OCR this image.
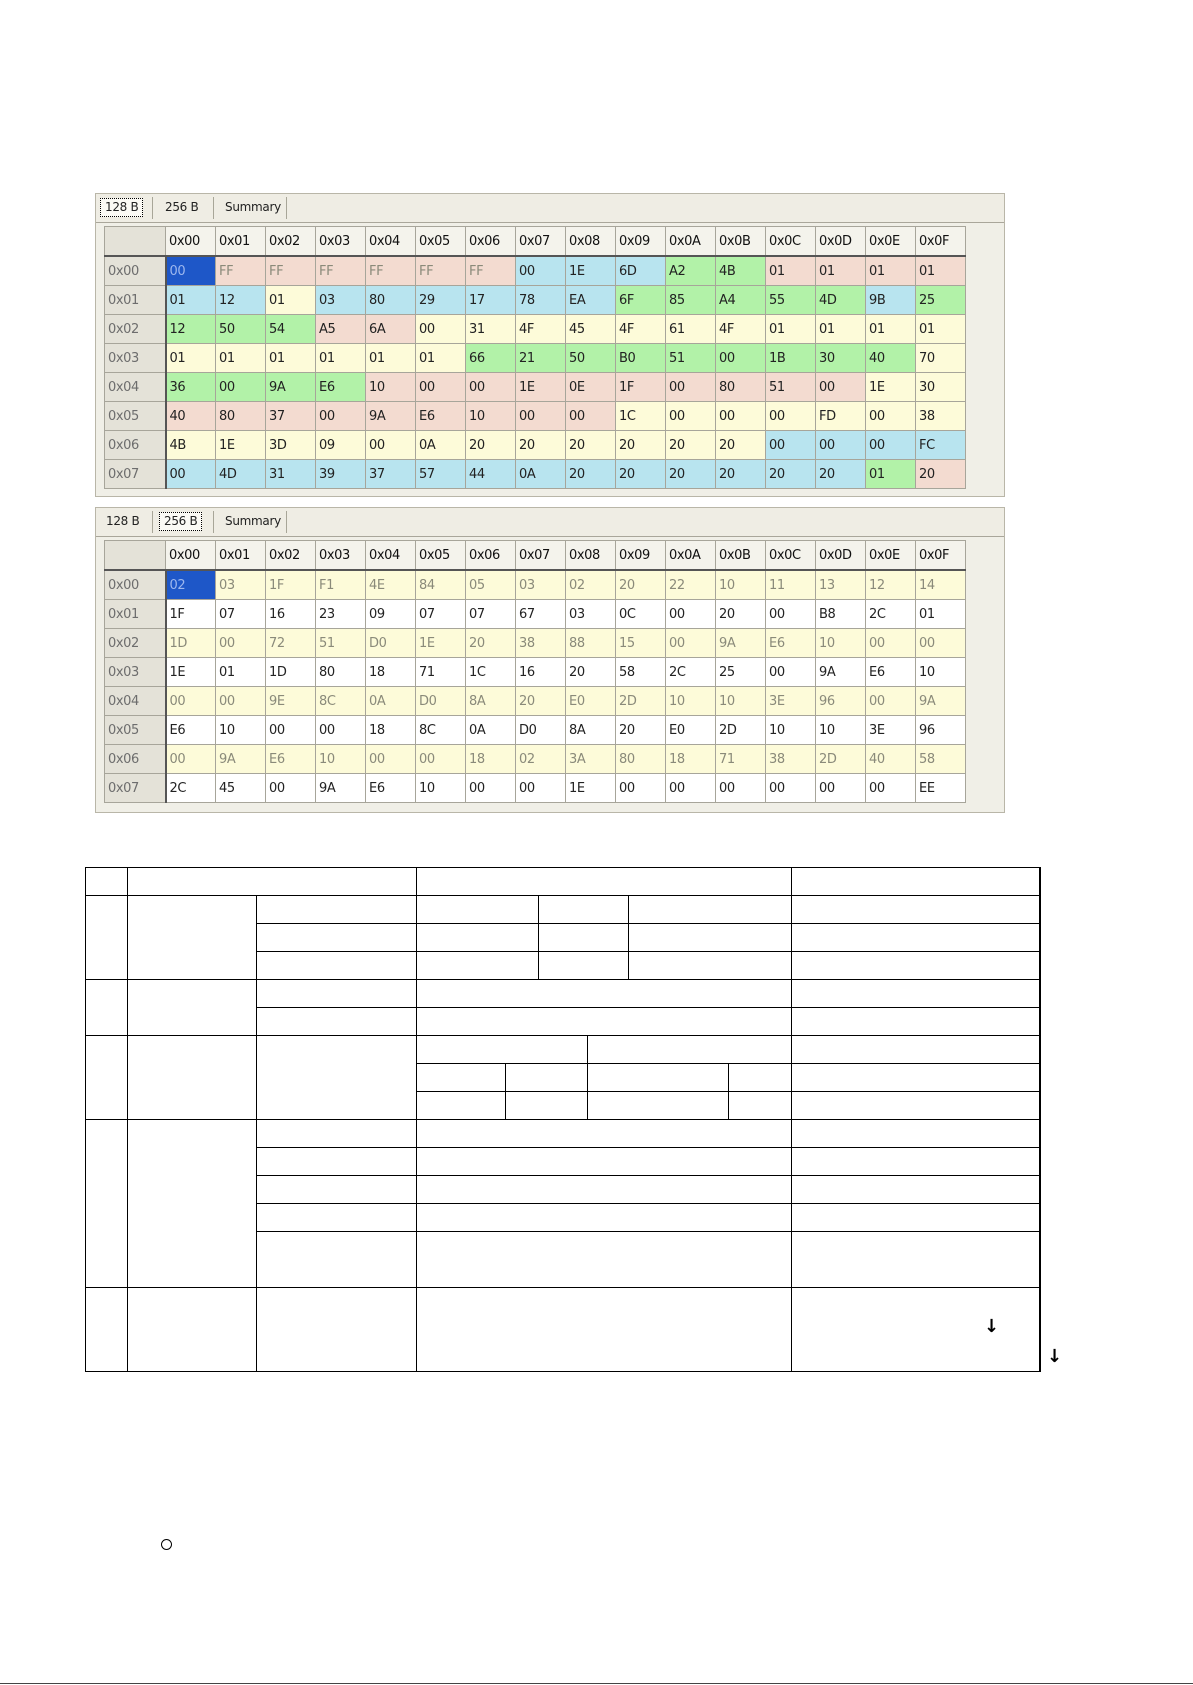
128 B	256 B	Summary
	0x00	0x01	0x02	0x03	0x04	0x05	0x06	0x07	0x08	0x09	0x0A	0x0B	0x0C	0x0D	0x0E	0x0F
0x00	00	FF	FF	FF	FF	FF	FF	00	1E	6D	A2	4B	01	01	01	01
0x01	01	12	01	03	80	29	17	78	EA	6F	85	A4	55	4D	9B	25
0x02	12	50	54	A5	6A	00	31	4F	45	4F	61	4F	01	01	01	01
0x03	01	01	01	01	01	01	66	21	50	B0	51	00	1B	30	40	70
0x04	36	00	9A	E6	10	00	00	1E	0E	1F	00	80	51	00	1E	30
0x05	40	80	37	00	9A	E6	10	00	00	1C	00	00	00	FD	00	38
0x06	4B	1E	3D	09	00	0A	20	20	20	20	20	20	00	00	00	FC
0x07	00	4D	31	39	37	57	44	0A	20	20	20	20	20	20	01	20
128 B	256 B	Summary
	0x00	0x01	0x02	0x03	0x04	0x05	0x06	0x07	0x08	0x09	0x0A	0x0B	0x0C	0x0D	0x0E	0x0F
0x00	02	03	1F	F1	4E	84	05	03	02	20	22	10	11	13	12	14
0x01	1F	07	16	23	09	07	07	67	03	0C	00	20	00	B8	2C	01
0x02	1D	00	72	51	D0	1E	20	38	88	15	00	9A	E6	10	00	00
0x03	1E	01	1D	80	18	71	1C	16	20	58	2C	25	00	9A	E6	10
0x04	00	00	9E	8C	0A	D0	8A	20	E0	2D	10	10	3E	96	00	9A
0x05	E6	10	00	00	18	8C	0A	D0	8A	20	E0	2D	10	10	3E	96
0x06	00	9A	E6	10	00	00	18	02	3A	80	18	71	38	2D	40	58
0x07	2C	45	00	9A	E6	10	00	00	1E	00	00	00	00	00	00	EE

↓
↓
